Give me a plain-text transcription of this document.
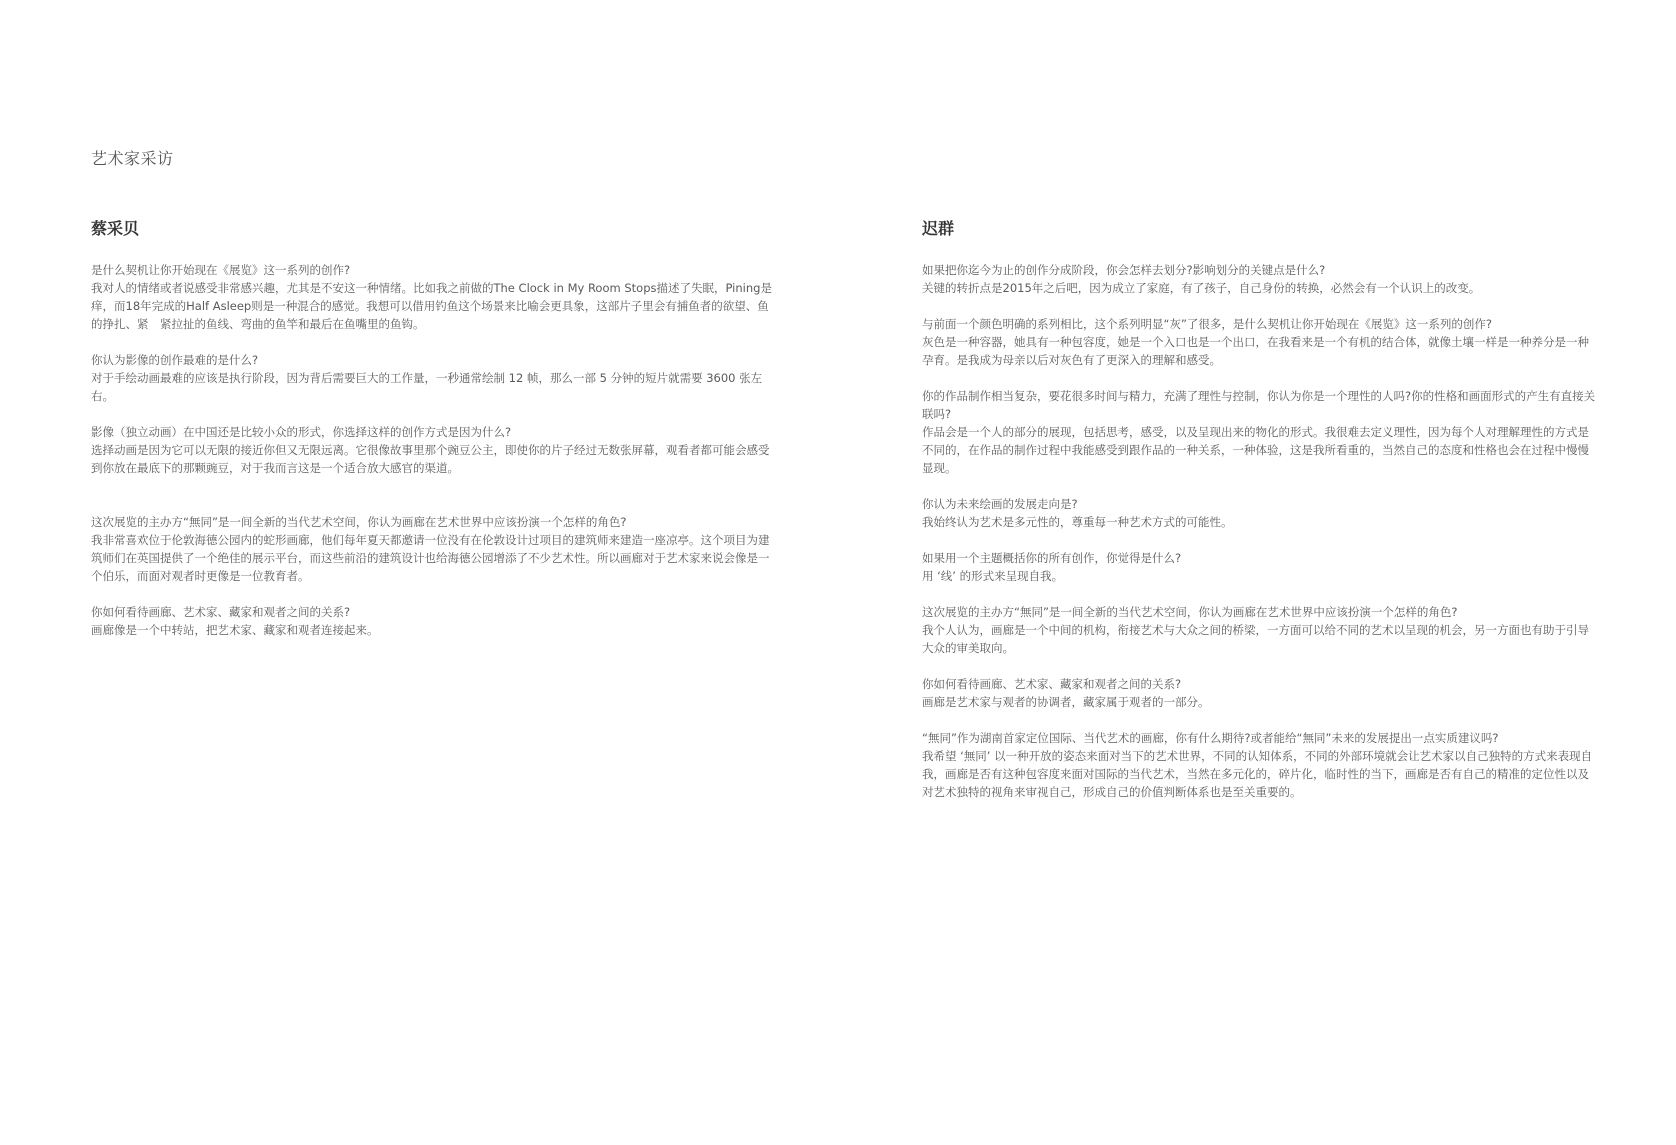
艺术家采访
蔡采贝
是什么契机让你开始现在《展览》这一系列的创作?
我对人的情绪或者说感受非常感兴趣，尤其是不安这一种情绪。比如我之前做的The Clock in My Room Stops描述了失眠，Pining是痒，而18年完成的Half Asleep则是一种混合的感觉。我想可以借用钓鱼这个场景来比喻会更具象，这部片子里会有捕鱼者的欲望、鱼的挣扎、紧　紧拉扯的鱼线、弯曲的鱼竿和最后在鱼嘴里的鱼钩。
你认为影像的创作最难的是什么?
对于手绘动画最难的应该是执行阶段，因为背后需要巨大的工作量，一秒通常绘制 12 帧，那么一部 5 分钟的短片就需要 3600 张左右。
影像（独立动画）在中国还是比较小众的形式，你选择这样的创作方式是因为什么?
选择动画是因为它可以无限的接近你但又无限远离。它很像故事里那个豌豆公主，即使你的片子经过无数张屏幕，观看者都可能会感受到你放在最底下的那颗豌豆，对于我而言这是一个适合放大感官的渠道。
这次展览的主办方“無同”是一间全新的当代艺术空间，你认为画廊在艺术世界中应该扮演一个怎样的角色?
我非常喜欢位于伦敦海德公园内的蛇形画廊，他们每年夏天都邀请一位没有在伦敦设计过项目的建筑师来建造一座凉亭。这个项目为建筑师们在英国提供了一个绝佳的展示平台，而这些前沿的建筑设计也给海德公园增添了不少艺术性。所以画廊对于艺术家来说会像是一个伯乐，而面对观者时更像是一位教育者。
你如何看待画廊、艺术家、藏家和观者之间的关系?
画廊像是一个中转站，把艺术家、藏家和观者连接起来。
迟群
如果把你迄今为止的创作分成阶段，你会怎样去划分?影响划分的关键点是什么?
关键的转折点是2015年之后吧，因为成立了家庭，有了孩子，自己身份的转换，必然会有一个认识上的改变。
与前面一个颜色明确的系列相比，这个系列明显“灰”了很多，是什么契机让你开始现在《展览》这一系列的创作?
灰色是一种容器，她具有一种包容度，她是一个入口也是一个出口，在我看来是一个有机的结合体，就像土壤一样是一种养分是一种孕育。是我成为母亲以后对灰色有了更深入的理解和感受。
你的作品制作相当复杂，要花很多时间与精力，充满了理性与控制，你认为你是一个理性的人吗?你的性格和画面形式的产生有直接关联吗?
作品会是一个人的部分的展现，包括思考，感受，以及呈现出来的物化的形式。我很难去定义理性，因为每个人对理解理性的方式是不同的，在作品的制作过程中我能感受到跟作品的一种关系，一种体验，这是我所看重的，当然自己的态度和性格也会在过程中慢慢显现。
你认为未来绘画的发展走向是?
我始终认为艺术是多元性的，尊重每一种艺术方式的可能性。
如果用一个主题概括你的所有创作，你觉得是什么?
用 ‘线’ 的形式来呈现自我。
这次展览的主办方“無同”是一间全新的当代艺术空间，你认为画廊在艺术世界中应该扮演一个怎样的角色?
我个人认为，画廊是一个中间的机构，衔接艺术与大众之间的桥梁，一方面可以给不同的艺术以呈现的机会，另一方面也有助于引导大众的审美取向。
你如何看待画廊、艺术家、藏家和观者之间的关系?
画廊是艺术家与观者的协调者，藏家属于观者的一部分。
“無同”作为湖南首家定位国际、当代艺术的画廊，你有什么期待?或者能给“無同”未来的发展提出一点实质建议吗?
我希望 ‘無同’ 以一种开放的姿态来面对当下的艺术世界，不同的认知体系，不同的外部环境就会让艺术家以自己独特的方式来表现自我，画廊是否有这种包容度来面对国际的当代艺术，当然在多元化的，碎片化，临时性的当下，画廊是否有自己的精准的定位性以及对艺术独特的视角来审视自己，形成自己的价值判断体系也是至关重要的。
